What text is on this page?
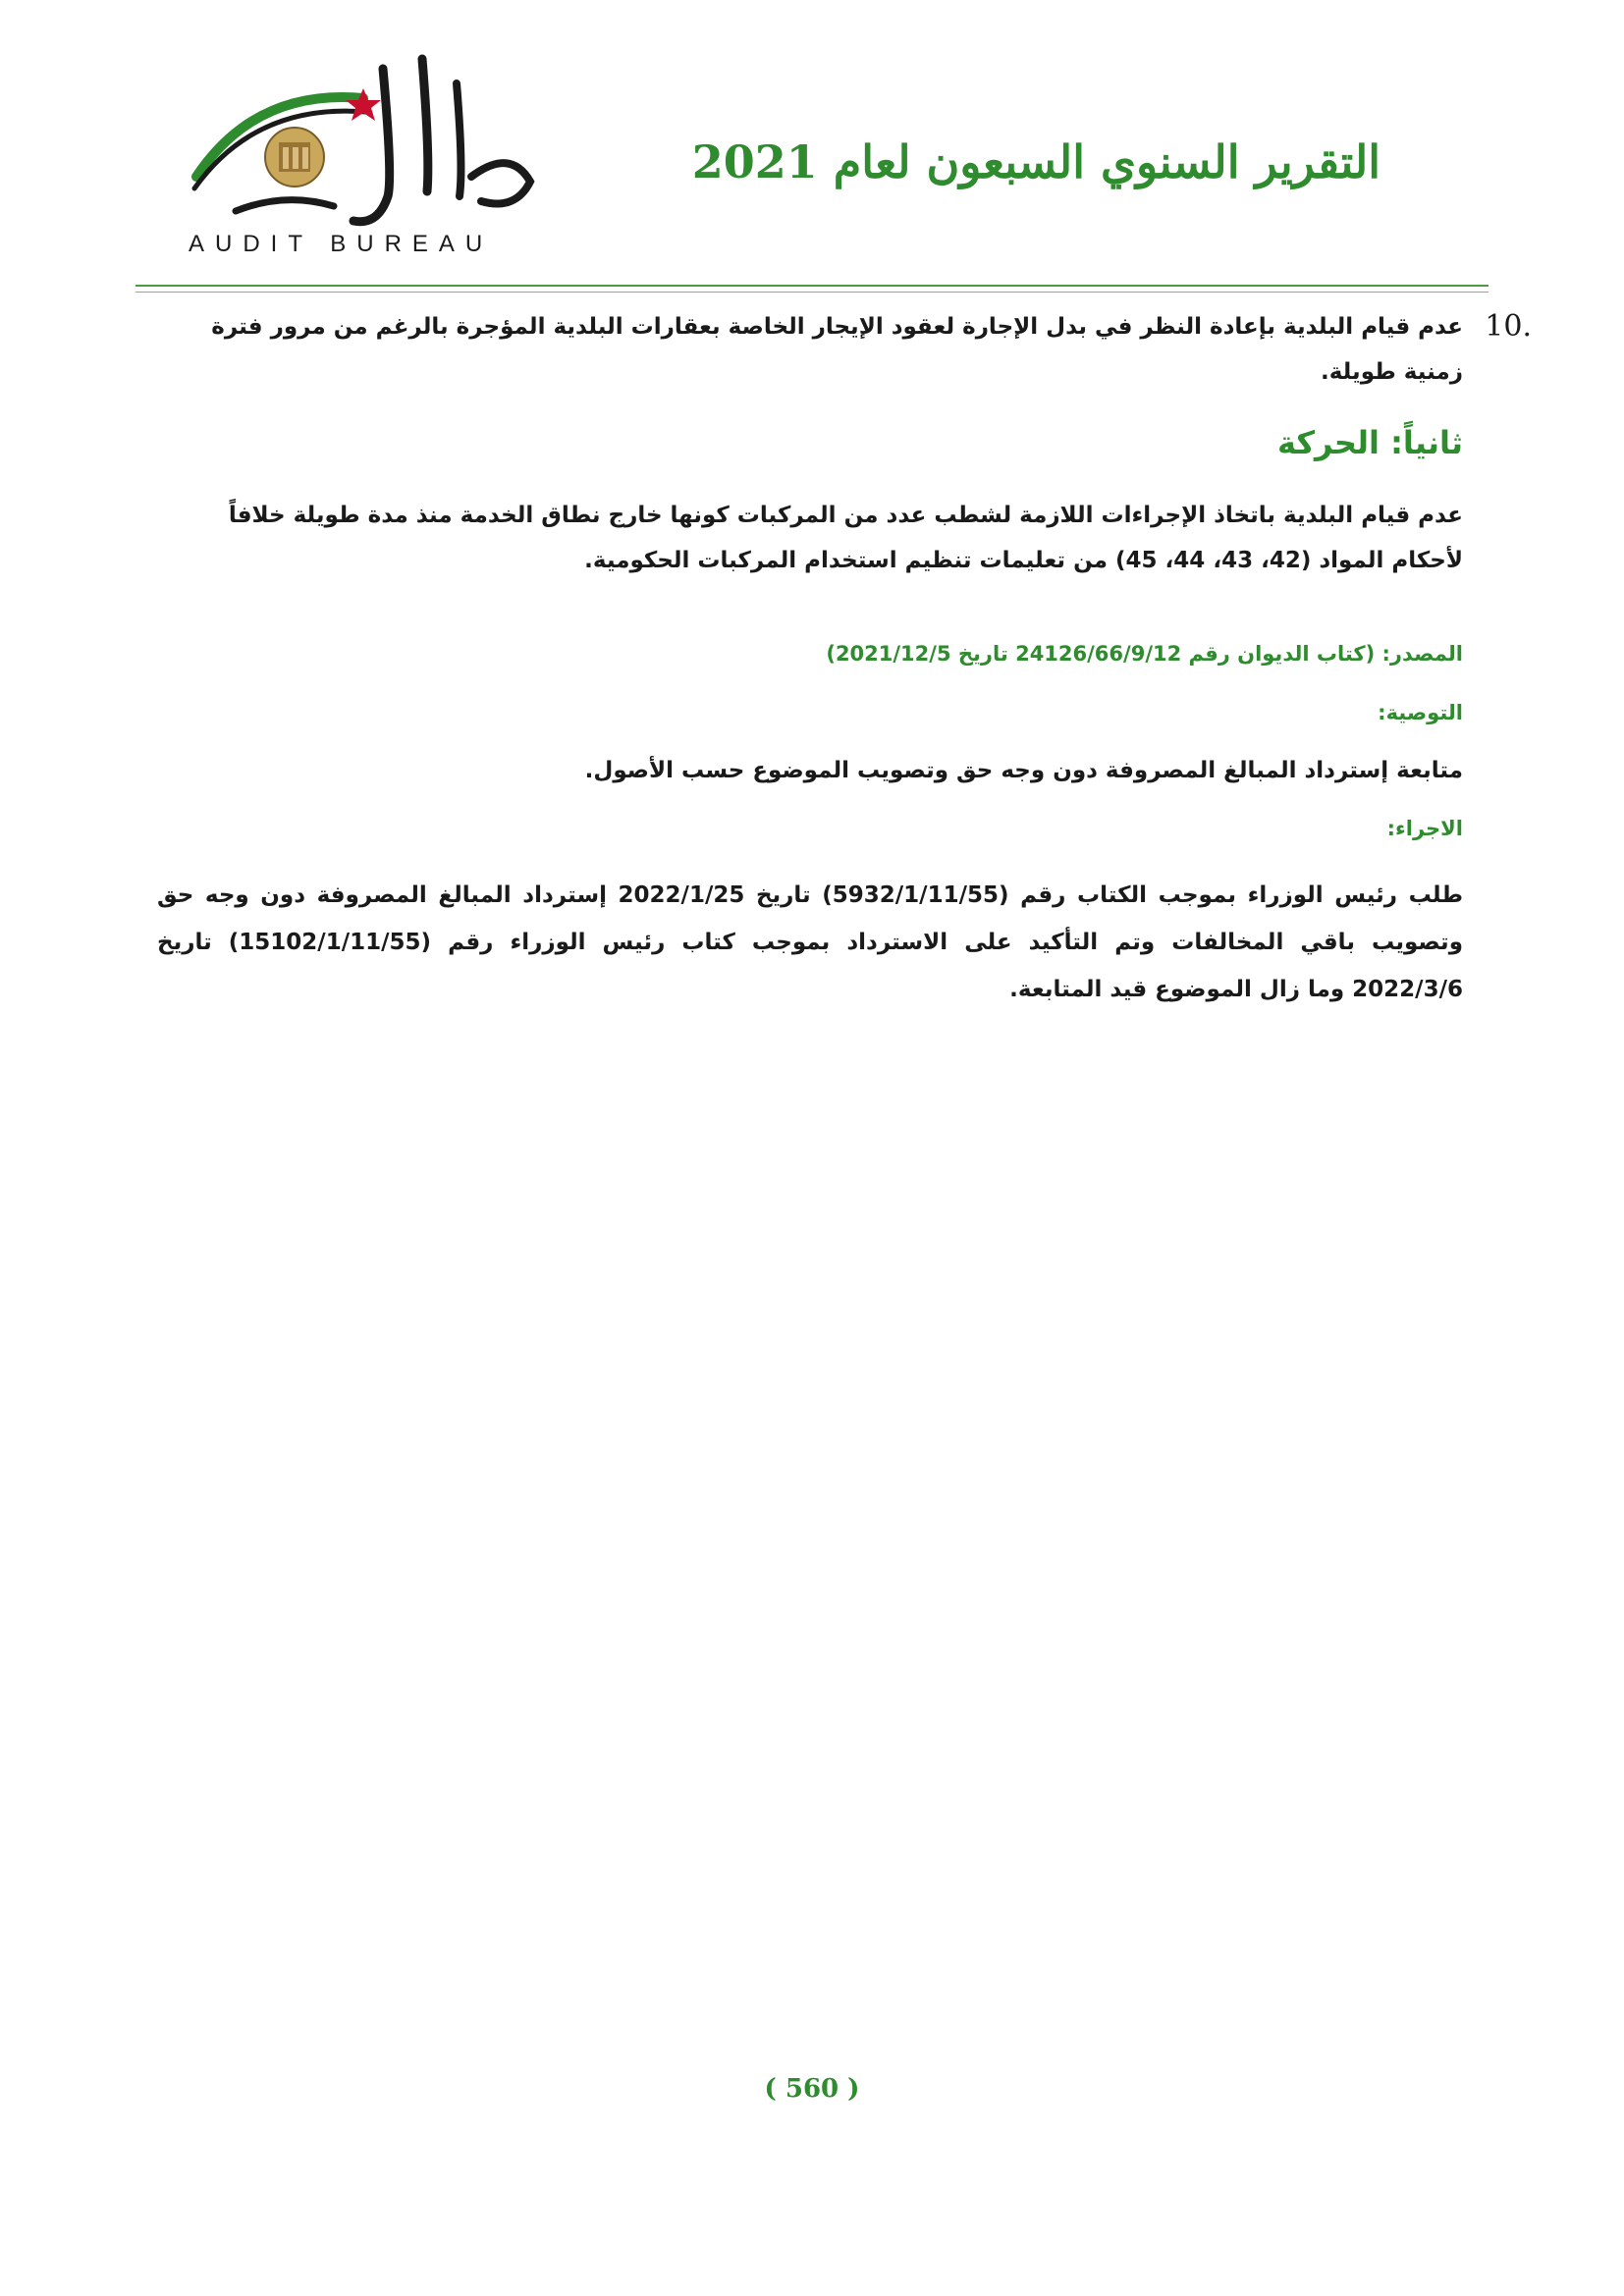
AUDIT BUREAU
التقرير السنوي السبعون لعام 2021
10.
عدم قيام البلدية بإعادة النظر في بدل الإجارة لعقود الإيجار الخاصة بعقارات البلدية المؤجرة بالرغم من مرور فترة زمنية طويلة.
ثانياً: الحركة
عدم قيام البلدية باتخاذ الإجراءات اللازمة لشطب عدد من المركبات كونها خارج نطاق الخدمة منذ مدة طويلة خلافاً لأحكام المواد (42، 43، 44، 45) من تعليمات تنظيم استخدام المركبات الحكومية.
المصدر: (كتاب الديوان رقم 24126/66/9/12 تاريخ 2021/12/5)
التوصية:
متابعة إسترداد المبالغ المصروفة دون وجه حق وتصويب الموضوع حسب الأصول.
الاجراء:
طلب رئيس الوزراء بموجب الكتاب رقم (5932/1/11/55) تاريخ 2022/1/25 إسترداد المبالغ المصروفة دون وجه حق وتصويب باقي المخالفات وتم التأكيد على الاسترداد بموجب كتاب رئيس الوزراء رقم (15102/1/11/55) تاريخ 2022/3/6 وما زال الموضوع قيد المتابعة.
( 560 )
